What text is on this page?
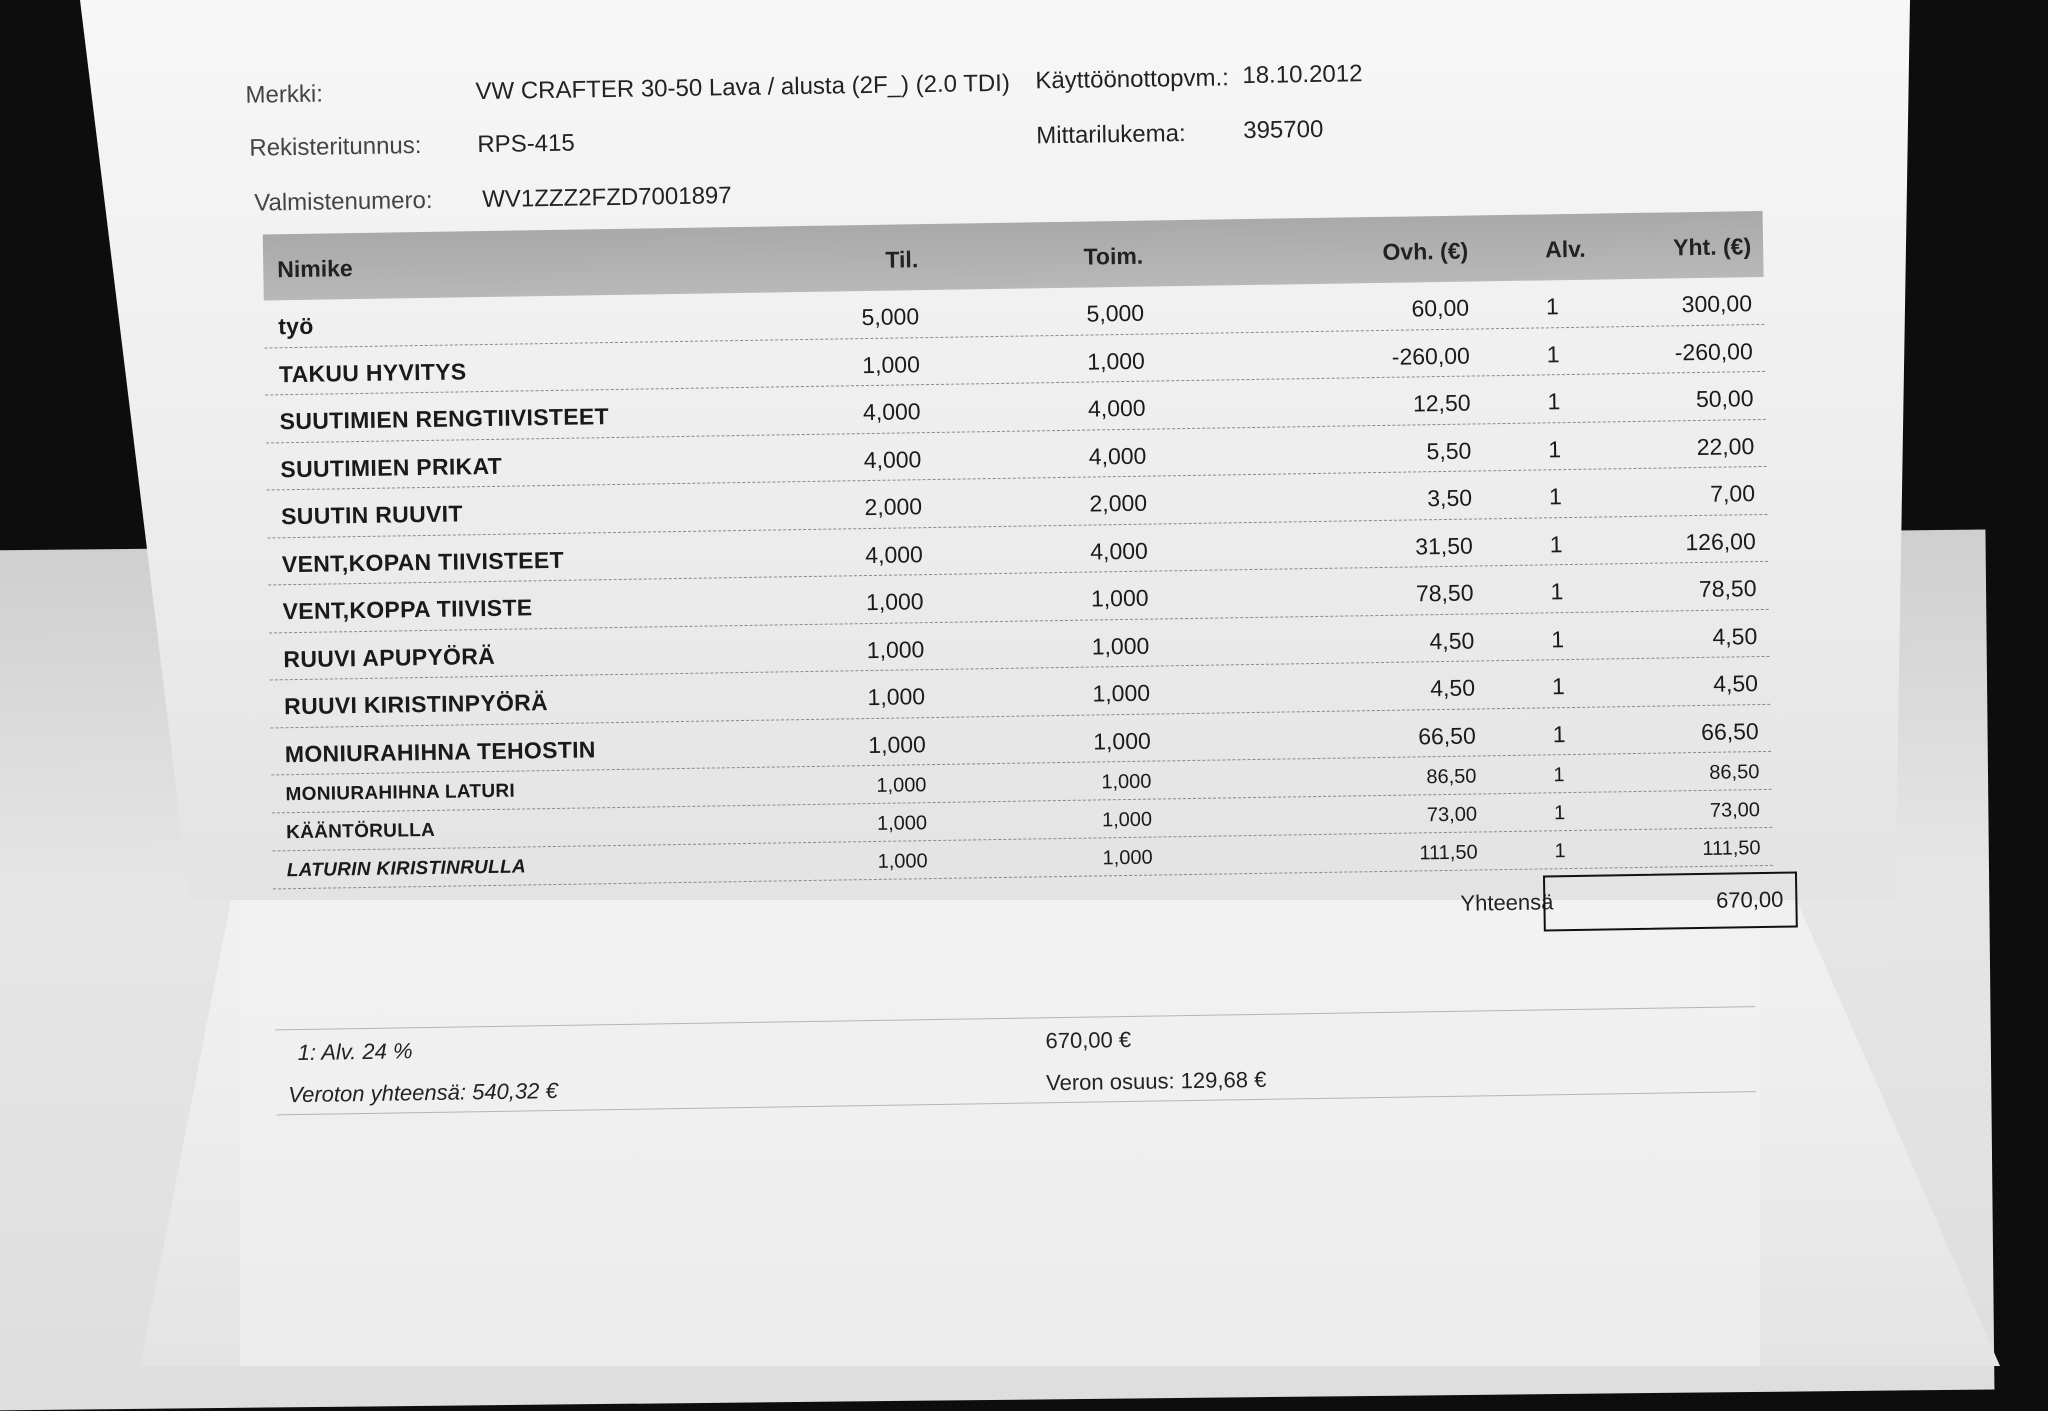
Merkki:	VW CRAFTER 30-50 Lava / alusta (2F_) (2.0 TDI) Käyttöönottopvm.: 18.10.2012
Rekisteritunnus: RPS-415	Mittarilukema: 395700
Valmistenumero: WV1ZZZ2FZD7001897
Nimike	Til.	Toim.	Ovh. (€)	Alv.	Yht. (€)
työ	5,000	5,000	60,00	1	300,00
TAKUU HYVITYS	1,000	1,000	-260,00	1	-260,00
SUUTIMIEN RENGTIIVISTEET	4,000	4,000	12,50	1	50,00
SUUTIMIEN PRIKAT	4,000	4,000	5,50	1	22,00
SUUTIN RUUVIT	2,000	2,000	3,50	1	7,00
VENT,KOPAN TIIVISTEET	4,000	4,000	31,50	1	126,00
VENT,KOPPA TIIVISTE	1,000	1,000	78,50	1	78,50
RUUVI APUPYÖRÄ	1,000	1,000	4,50	1	4,50
RUUVI KIRISTINPYÖRÄ	1,000	1,000	4,50	1	4,50
MONIURAHIHNA TEHOSTIN	1,000	1,000	66,50	1	66,50
MONIURAHIHNA LATURI	1,000	1,000	86,50	1	86,50
KÄÄNTÖRULLA	1,000	1,000	73,00	1	73,00
LATURIN KIRISTINRULLA	1,000	1,000	111,50	1	111,50
Yhteensä	670,00
1: Alv. 24 %	670,00 €
Veroton yhteensä: 540,32 €	Veron osuus: 129,68 €
